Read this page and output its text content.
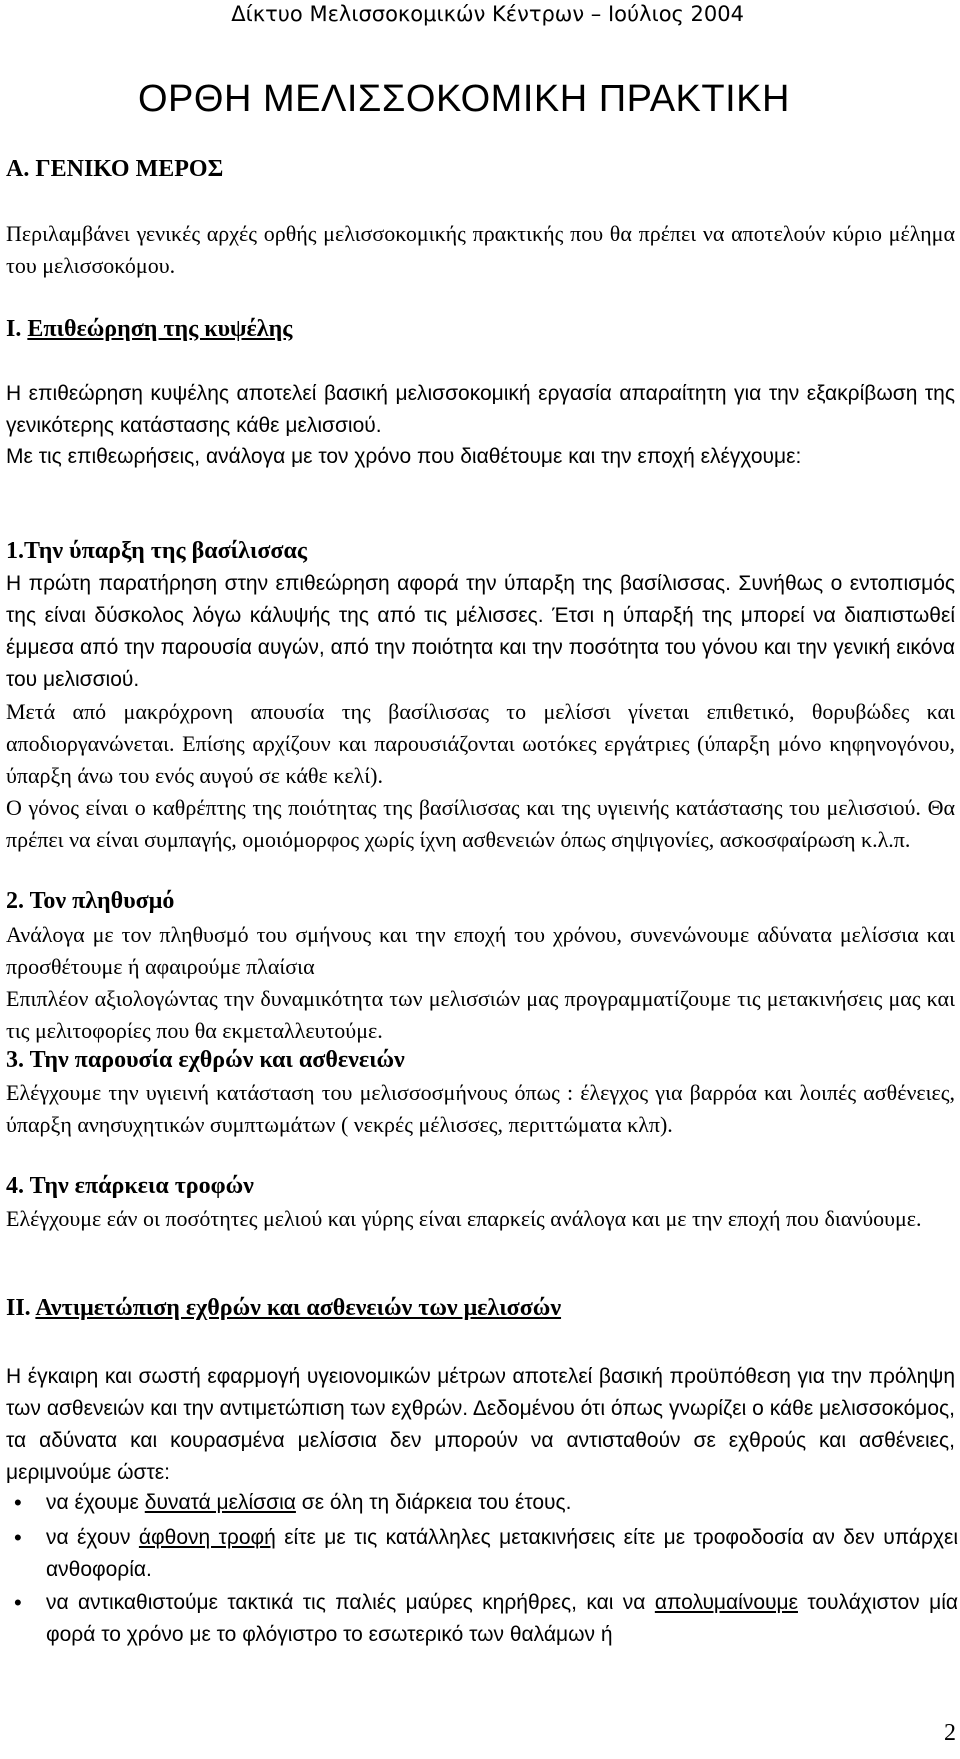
Δίκτυο Μελισσοκομικών Κέντρων – Ιούλιος 2004
ΟΡΘΗ ΜΕΛΙΣΣΟΚΟΜΙΚΗ ΠΡΑΚΤΙΚΗ
Α. ΓΕΝΙΚΟ ΜΕΡΟΣ
Περιλαμβάνει γενικές αρχές ορθής μελισσοκομικής πρακτικής που θα πρέπει να αποτελούν κύριο μέλημα του μελισσοκόμου.
Ι. Επιθεώρηση της κυψέλης
Η επιθεώρηση κυψέλης αποτελεί βασική μελισσοκομική εργασία απαραίτητη για την εξακρίβωση της γενικότερης κατάστασης κάθε μελισσιού.
Με τις επιθεωρήσεις, ανάλογα με τον χρόνο που διαθέτουμε και την εποχή ελέγχουμε:
1.Την ύπαρξη της βασίλισσας
Η πρώτη παρατήρηση στην επιθεώρηση αφορά την ύπαρξη της βασίλισσας. Συνήθως ο εντοπισμός της είναι δύσκολος λόγω κάλυψής της από τις μέλισσες. Έτσι η ύπαρξή της μπορεί να διαπιστωθεί έμμεσα από την παρουσία αυγών, από την ποιότητα και την ποσότητα του γόνου και την γενική εικόνα του μελισσιού.
Μετά από μακρόχρονη απουσία της βασίλισσας το μελίσσι γίνεται επιθετικό, θορυβώδες και αποδιοργανώνεται. Επίσης αρχίζουν και παρουσιάζονται ωοτόκες εργάτριες (ύπαρξη μόνο κηφηνογόνου, ύπαρξη άνω του ενός αυγού σε κάθε κελί).
Ο γόνος είναι ο καθρέπτης της ποιότητας της βασίλισσας και της υγιεινής κατάστασης του μελισσιού. Θα πρέπει να είναι συμπαγής, ομοιόμορφος χωρίς ίχνη ασθενειών όπως σηψιγονίες, ασκοσφαίρωση κ.λ.π.
2. Τον πληθυσμό
Ανάλογα με τον πληθυσμό του σμήνους και την εποχή του χρόνου, συνενώνουμε αδύνατα μελίσσια και προσθέτουμε ή αφαιρούμε πλαίσια
Επιπλέον αξιολογώντας την δυναμικότητα των μελισσιών μας προγραμματίζουμε τις μετακινήσεις μας και τις μελιτοφορίες που θα εκμεταλλευτούμε.
3. Την παρουσία εχθρών και ασθενειών
Ελέγχουμε την υγιεινή κατάσταση του μελισσοσμήνους όπως : έλεγχος για βαρρόα και λοιπές ασθένειες, ύπαρξη ανησυχητικών συμπτωμάτων ( νεκρές μέλισσες, περιττώματα κλπ).
4. Την επάρκεια τροφών
Ελέγχουμε εάν οι ποσότητες μελιού και γύρης είναι επαρκείς ανάλογα και με την εποχή που διανύουμε.
ΙΙ. Αντιμετώπιση εχθρών και ασθενειών των μελισσών
Η έγκαιρη και σωστή εφαρμογή υγειονομικών μέτρων αποτελεί βασική προϋπόθεση για την πρόληψη των ασθενειών και την αντιμετώπιση των εχθρών. Δεδομένου ότι όπως γνωρίζει ο κάθε μελισσοκόμος, τα αδύνατα και κουρασμένα μελίσσια δεν μπορούν να αντισταθούν σε εχθρούς και ασθένειες, μεριμνούμε ώστε:
• να έχουμε δυνατά μελίσσια σε όλη τη διάρκεια του έτους.
• να έχουν άφθονη τροφή είτε με τις κατάλληλες μετακινήσεις είτε με τροφοδοσία αν δεν υπάρχει ανθοφορία.
• να αντικαθιστούμε τακτικά τις παλιές μαύρες κηρήθρες, και να απολυμαίνουμε τουλάχιστον μία φορά το χρόνο με το φλόγιστρο το εσωτερικό των θαλάμων ή
2
